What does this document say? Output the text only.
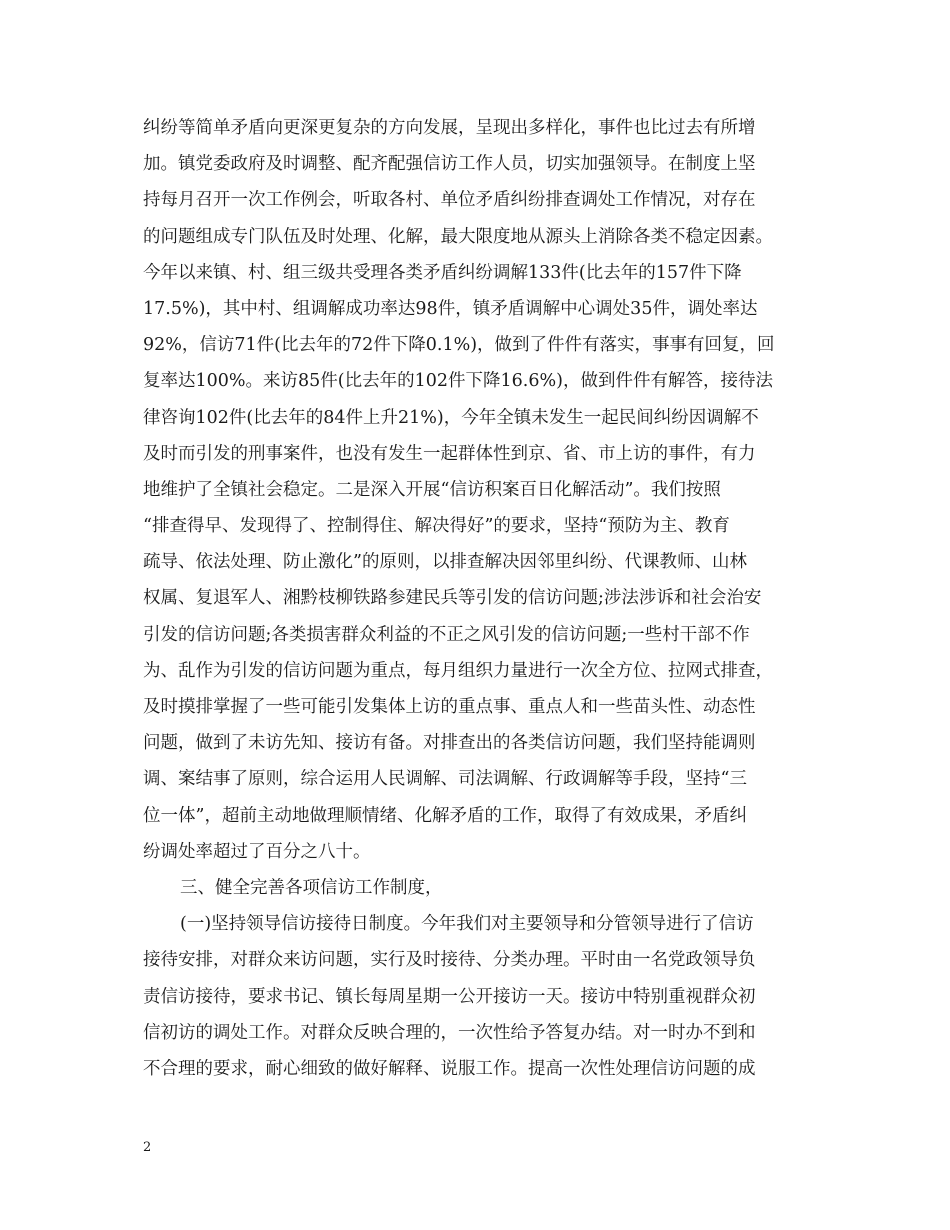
纠纷等简单矛盾向更深更复杂的方向发展，呈现出多样化，事件也比过去有所增
加。镇党委政府及时调整、配齐配强信访工作人员，切实加强领导。在制度上坚
持每月召开一次工作例会，听取各村、单位矛盾纠纷排查调处工作情况，对存在
的问题组成专门队伍及时处理、化解，最大限度地从源头上消除各类不稳定因素。
今年以来镇、村、组三级共受理各类矛盾纠纷调解133件(比去年的157件下降
17.5%)，其中村、组调解成功率达98件，镇矛盾调解中心调处35件，调处率达
92%，信访71件(比去年的72件下降0.1%)，做到了件件有落实，事事有回复，回
复率达100%。来访85件(比去年的102件下降16.6%)，做到件件有解答，接待法
律咨询102件(比去年的84件上升21%)，今年全镇未发生一起民间纠纷因调解不
及时而引发的刑事案件，也没有发生一起群体性到京、省、市上访的事件，有力
地维护了全镇社会稳定。二是深入开展“信访积案百日化解活动”。我们按照
“排查得早、发现得了、控制得住、解决得好”的要求，坚持“预防为主、教育
疏导、依法处理、防止激化”的原则，以排查解决因邻里纠纷、代课教师、山林
权属、复退军人、湘黔枝柳铁路参建民兵等引发的信访问题;涉法涉诉和社会治安
引发的信访问题;各类损害群众利益的不正之风引发的信访问题;一些村干部不作
为、乱作为引发的信访问题为重点，每月组织力量进行一次全方位、拉网式排查，
及时摸排掌握了一些可能引发集体上访的重点事、重点人和一些苗头性、动态性
问题，做到了未访先知、接访有备。对排查出的各类信访问题，我们坚持能调则
调、案结事了原则，综合运用人民调解、司法调解、行政调解等手段，坚持“三
位一体”，超前主动地做理顺情绪、化解矛盾的工作，取得了有效成果，矛盾纠
纷调处率超过了百分之八十。
三、健全完善各项信访工作制度，
(一)坚持领导信访接待日制度。今年我们对主要领导和分管领导进行了信访
接待安排，对群众来访问题，实行及时接待、分类办理。平时由一名党政领导负
责信访接待，要求书记、镇长每周星期一公开接访一天。接访中特别重视群众初
信初访的调处工作。对群众反映合理的，一次性给予答复办结。对一时办不到和
不合理的要求，耐心细致的做好解释、说服工作。提高一次性处理信访问题的成
2
